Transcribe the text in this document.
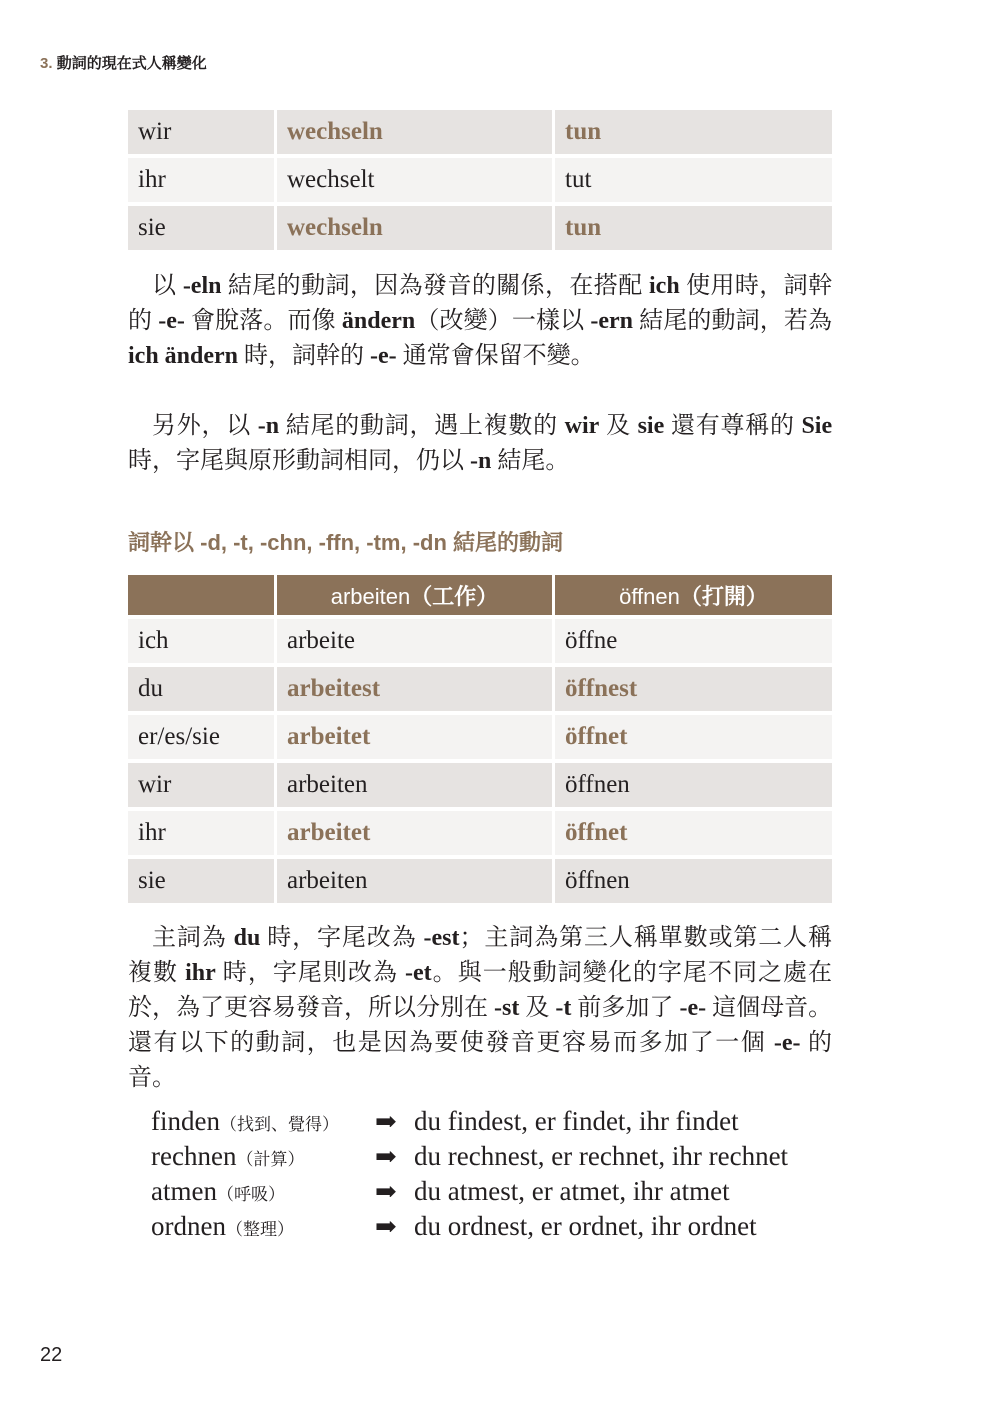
3. 動詞的現在式人稱變化
wir	wechseln	tun
ihr	wechselt	tut
sie	wechseln	tun

以 -eln 結尾的動詞，因為發音的關係，在搭配 ich 使用時，詞幹的 -e- 會脫落。而像 ändern（改變）一樣以 -ern 結尾的動詞，若為 ich ändern 時，詞幹的 -e- 通常會保留不變。

另外，以 -n 結尾的動詞，遇上複數的 wir 及 sie 還有尊稱的 Sie 時，字尾與原形動詞相同，仍以 -n 結尾。

詞幹以 -d, -t, -chn, -ffn, -tm, -dn 結尾的動詞
	arbeiten（工作）	öffnen（打開）
ich	arbeite	öffne
du	arbeitest	öffnest
er/es/sie	arbeitet	öffnet
wir	arbeiten	öffnen
ihr	arbeitet	öffnet
sie	arbeiten	öffnen

主詞為 du 時，字尾改為 -est；主詞為第三人稱單數或第二人稱複數 ihr 時，字尾則改為 -et。與一般動詞變化的字尾不同之處在於，為了更容易發音，所以分別在 -st 及 -t 前多加了 -e- 這個母音。還有以下的動詞，也是因為要使發音更容易而多加了一個 -e- 的音。

finden（找到、覺得） ➡ du findest, er findet, ihr findet
rechnen（計算）	➡ du rechnest, er rechnet, ihr rechnet
atmen（呼吸）	➡ du atmest, er atmet, ihr atmet
ordnen（整理）	➡ du ordnest, er ordnet, ihr ordnet
22
